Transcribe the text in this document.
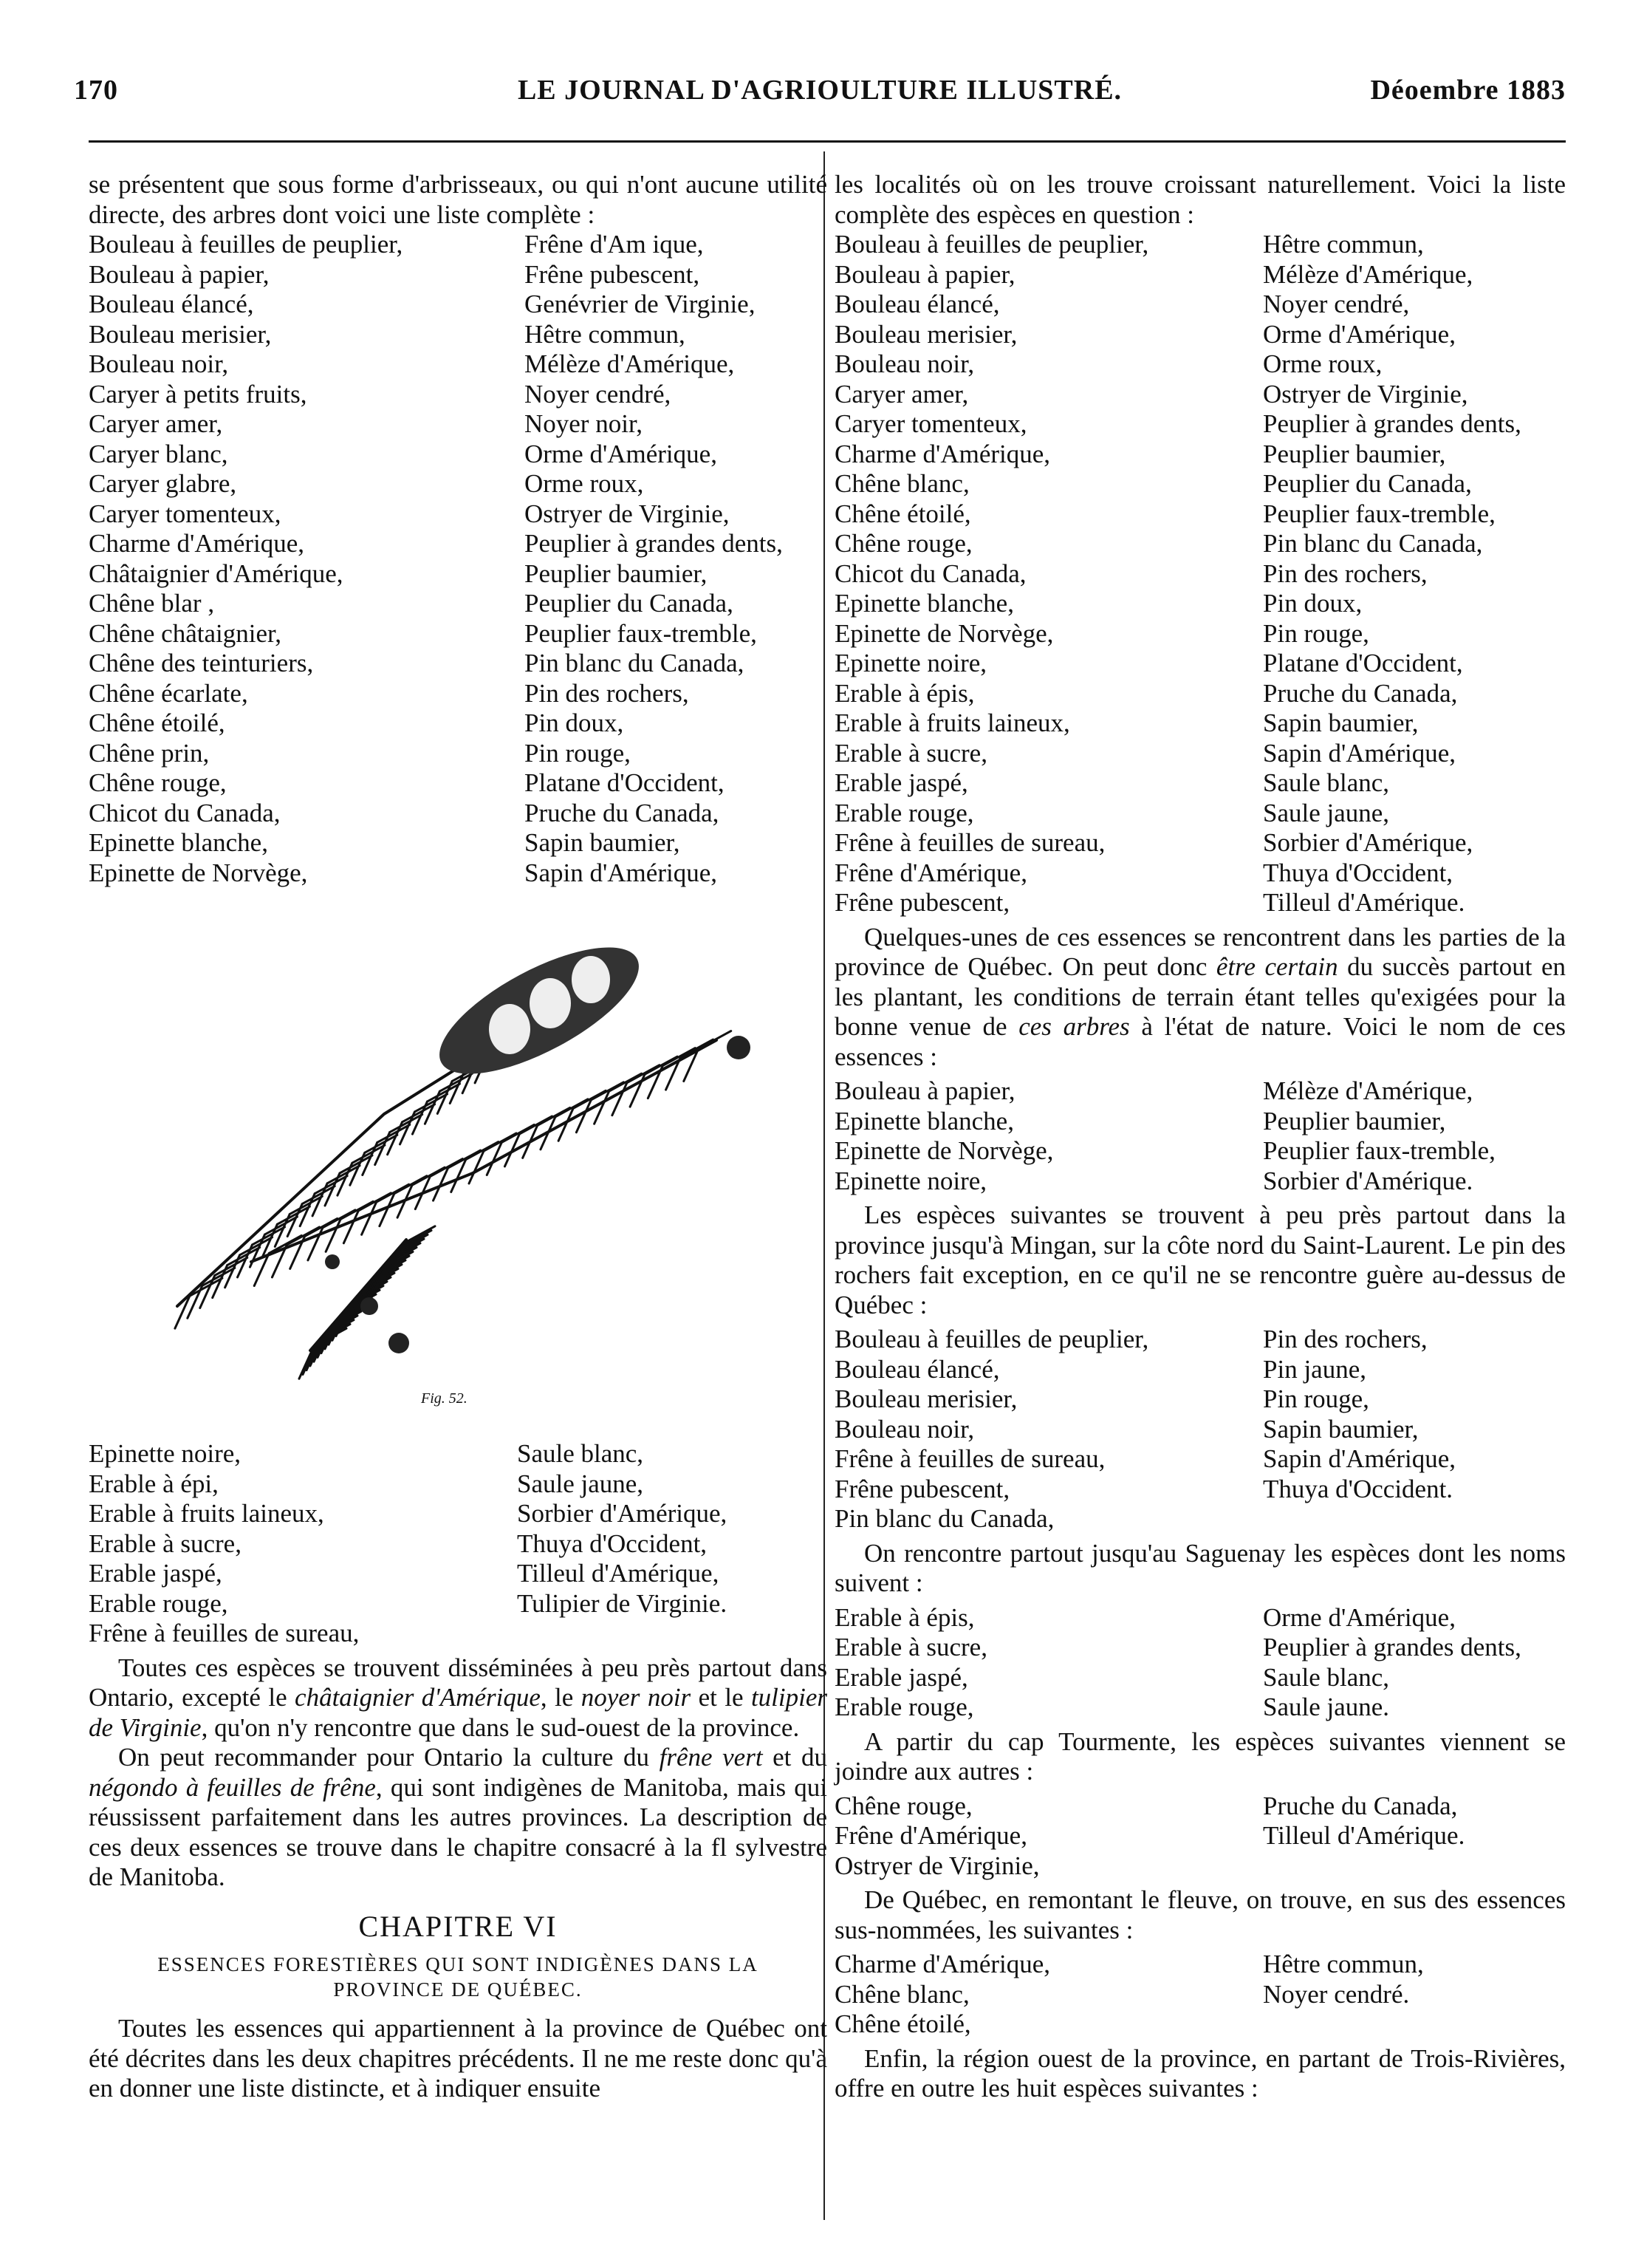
170	LE JOURNAL D'AGRIOULTURE ILLUSTRÉ.	Déoembre 1883

se présentent que sous forme d'arbrisseaux, ou qui n'ont aucune utilité directe, des arbres dont voici une liste complète :

Bouleau à feuilles de peuplier,	Frêne d'Am ique,
Bouleau à papier,	Frêne pubescent,
Bouleau élancé,	Genévrier de Virginie,
Bouleau merisier,	Hêtre commun,
Bouleau noir,	Mélèze d'Amérique,
Caryer à petits fruits,	Noyer cendré,
Caryer amer,	Noyer noir,
Caryer blanc,	Orme d'Amérique,
Caryer glabre,	Orme roux,
Caryer tomenteux,	Ostryer de Virginie,
Charme d'Amérique,	Peuplier à grandes dents,
Châtaignier d'Amérique,	Peuplier baumier,
Chêne blar ,	Peuplier du Canada,
Chêne châtaignier,	Peuplier faux-tremble,
Chêne des teinturiers,	Pin blanc du Canada,
Chêne écarlate,	Pin des rochers,
Chêne étoilé,	Pin doux,
Chêne prin,	Pin rouge,
Chêne rouge,	Platane d'Occident,
Chicot du Canada,	Pruche du Canada,
Epinette blanche,	Sapin baumier,
Epinette de Norvège,	Sapin d'Amérique,
Fig. 52.
Epinette noire,	Saule blanc,
Erable à épi,	Saule jaune,
Erable à fruits laineux,	Sorbier d'Amérique,
Erable à sucre,	Thuya d'Occident,
Erable jaspé,	Tilleul d'Amérique,
Erable rouge,	Tulipier de Virginie.
Frêne à feuilles de sureau,

Toutes ces espèces se trouvent disséminées à peu près partout dans Ontario, excepté le châtaignier d'Amérique, le noyer noir et le tulipier de Virginie, qu'on n'y rencontre que dans le sud-ouest de la province.

On peut recommander pour Ontario la culture du frêne vert et du négondo à feuilles de frêne, qui sont indigènes de Manitoba, mais qui réussissent parfaitement dans les autres provinces. La description de ces deux essences se trouve dans le chapitre consacré à la fl sylvestre de Manitoba.

CHAPITRE VI
ESSENCES FORESTIÈRES QUI SONT INDIGÈNES DANS LA PROVINCE DE QUÉBEC.

Toutes les essences qui appartiennent à la province de Québec ont été décrites dans les deux chapitres précédents. Il ne me reste donc qu'à en donner une liste distincte, et à indiquer ensuite

les localités où on les trouve croissant naturellement. Voici la liste complète des espèces en question :

Bouleau à feuilles de peuplier,	Hêtre commun,
Bouleau à papier,	Mélèze d'Amérique,
Bouleau élancé,	Noyer cendré,
Bouleau merisier,	Orme d'Amérique,
Bouleau noir,	Orme roux,
Caryer amer,	Ostryer de Virginie,
Caryer tomenteux,	Peuplier à grandes dents,
Charme d'Amérique,	Peuplier baumier,
Chêne blanc,	Peuplier du Canada,
Chêne étoilé,	Peuplier faux-tremble,
Chêne rouge,	Pin blanc du Canada,
Chicot du Canada,	Pin des rochers,
Epinette blanche,	Pin doux,
Epinette de Norvège,	Pin rouge,
Epinette noire,	Platane d'Occident,
Erable à épis,	Pruche du Canada,
Erable à fruits laineux,	Sapin baumier,
Erable à sucre,	Sapin d'Amérique,
Erable jaspé,	Saule blanc,
Erable rouge,	Saule jaune,
Frêne à feuilles de sureau,	Sorbier d'Amérique,
Frêne d'Amérique,	Thuya d'Occident,
Frêne pubescent,	Tilleul d'Amérique.

Quelques-unes de ces essences se rencontrent dans les parties de la province de Québec. On peut donc être certain du succès partout en les plantant, les conditions de terrain étant telles qu'exigées pour la bonne venue de ces arbres à l'état de nature. Voici le nom de ces essences :

Bouleau à papier,	Mélèze d'Amérique,
Epinette blanche,	Peuplier baumier,
Epinette de Norvège,	Peuplier faux-tremble,
Epinette noire,	Sorbier d'Amérique.

Les espèces suivantes se trouvent à peu près partout dans la province jusqu'à Mingan, sur la côte nord du Saint-Laurent. Le pin des rochers fait exception, en ce qu'il ne se rencontre guère au-dessus de Québec :

Bouleau à feuilles de peuplier,	Pin des rochers,
Bouleau élancé,	Pin jaune,
Bouleau merisier,	Pin rouge,
Bouleau noir,	Sapin baumier,
Frêne à feuilles de sureau,	Sapin d'Amérique,
Frêne pubescent,	Thuya d'Occident.
Pin blanc du Canada,

On rencontre partout jusqu'au Saguenay les espèces dont les noms suivent :

Erable à épis,	Orme d'Amérique,
Erable à sucre,	Peuplier à grandes dents,
Erable jaspé,	Saule blanc,
Erable rouge,	Saule jaune.

A partir du cap Tourmente, les espèces suivantes viennent se joindre aux autres :

Chêne rouge,	Pruche du Canada,
Frêne d'Amérique,	Tilleul d'Amérique.
Ostryer de Virginie,

De Québec, en remontant le fleuve, on trouve, en sus des essences sus-nommées, les suivantes :

Charme d'Amérique,	Hêtre commun,
Chêne blanc,	Noyer cendré.
Chêne étoilé,

Enfin, la région ouest de la province, en partant de Trois-Rivières, offre en outre les huit espèces suivantes :
